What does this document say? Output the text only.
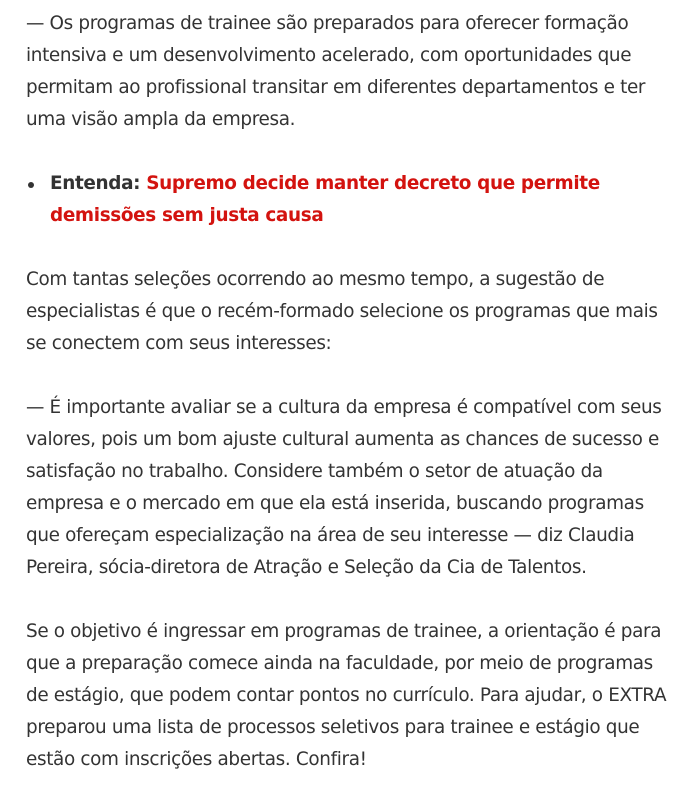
— Os programas de trainee são preparados para oferecer formação intensiva e um desenvolvimento acelerado, com oportunidades que permitam ao profissional transitar em diferentes departamentos e ter uma visão ampla da empresa.

Entenda: Supremo decide manter decreto que permite demissões sem justa causa

Com tantas seleções ocorrendo ao mesmo tempo, a sugestão de especialistas é que o recém-formado selecione os programas que mais se conectem com seus interesses:

— É importante avaliar se a cultura da empresa é compatível com seus valores, pois um bom ajuste cultural aumenta as chances de sucesso e satisfação no trabalho. Considere também o setor de atuação da empresa e o mercado em que ela está inserida, buscando programas que ofereçam especialização na área de seu interesse — diz Claudia Pereira, sócia-diretora de Atração e Seleção da Cia de Talentos.

Se o objetivo é ingressar em programas de trainee, a orientação é para que a preparação comece ainda na faculdade, por meio de programas de estágio, que podem contar pontos no currículo. Para ajudar, o EXTRA preparou uma lista de processos seletivos para trainee e estágio que estão com inscrições abertas. Confira!
